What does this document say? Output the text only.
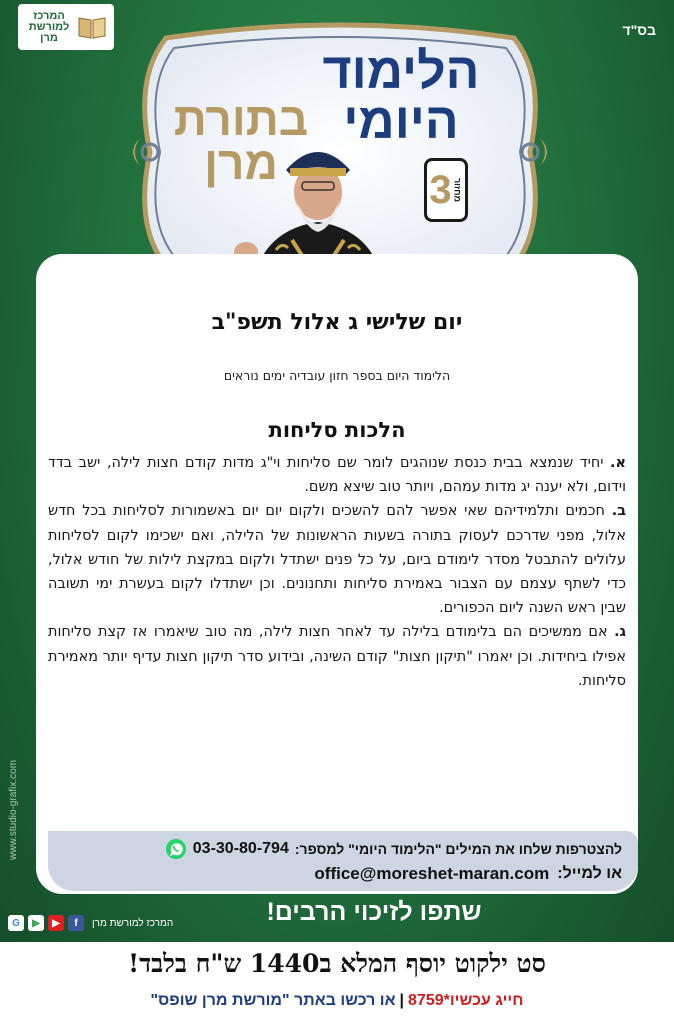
בס"ד
המרכז למורשת מרן
הלימוד
היומי
בתורת
מרן
מחזור
3
יום שלישי ג אלול תשפ"ב
הלימוד היום בספר חזון עובדיה ימים נוראים
הלכות סליחות

א. יחיד שנמצא בבית כנסת שנוהגים לומר שם סליחות וי"ג מדות קודם חצות לילה, ישב בדד וידום, ולא יענה יג מדות עמהם, ויותר טוב שיצא משם.

ב. חכמים ותלמידיהם שאי אפשר להם להשכים ולקום יום יום באשמורות לסליחות בכל חדש אלול, מפני שדרכם לעסוק בתורה בשעות הראשונות של הלילה, ואם ישכימו לקום לסליחות עלולים להתבטל מסדר לימודם ביום, על כל פנים ישתדל ולקום במקצת לילות של חודש אלול, כדי לשתף עצמם עם הצבור באמירת סליחות ותחנונים. וכן ישתדלו לקום בעשרת ימי תשובה שבין ראש השנה ליום הכפורים.

ג. אם ממשיכים הם בלימודם בלילה עד לאחר חצות לילה, מה טוב שיאמרו אז קצת סליחות אפילו ביחידות. וכן יאמרו "תיקון חצות" קודם השינה, ובידוע סדר תיקון חצות עדיף יותר מאמירת סליחות.

להצטרפות שלחו את המילים "הלימוד היומי" למספר:
03-30-80-794
או למייל:
office@moreshet-maran.com
www.studio-grafix.com
G	▶	▶	f	המרכז למורשת מרן	שתפו לזיכוי הרבים!
סט ילקוט יוסף המלא ב1440 ש"ח בלבד!
חייג עכשיו*8759|או רכשו באתר "מורשת מרן שופס"
